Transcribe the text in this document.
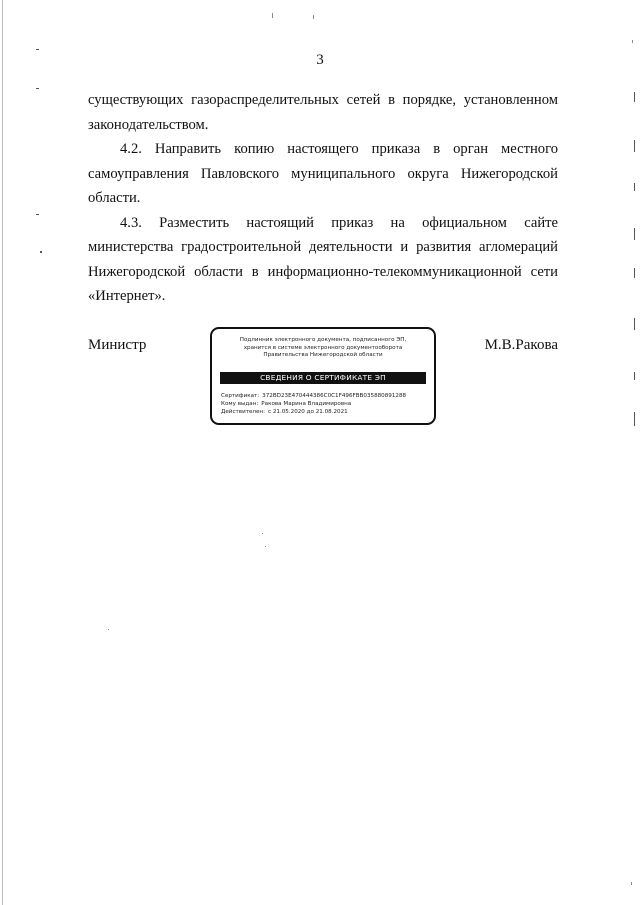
3

существующих газораспределительных сетей в порядке, установленном законодательством.

4.2. Направить копию настоящего приказа в орган местного самоуправления Павловского муниципального округа Нижегородской области.

4.3. Разместить настоящий приказ на официальном сайте министерства градостроительной деятельности и развития агломераций Нижегородской области в информационно-телекоммуникационной сети «Интернет».

Министр	М.В.Ракова
Подлинник электронного документа, подписанного ЭП,
хранится в системе электронного документооборота
Правительства Нижегородской области
СВЕДЕНИЯ О СЕРТИФИКАТЕ ЭП
Сертификат: 372BD23E470444386C0C1F496FBB035880891288
Кому выдан: Ракова Марина Владимировна
Действителен: с 21.05.2020 до 21.08.2021
